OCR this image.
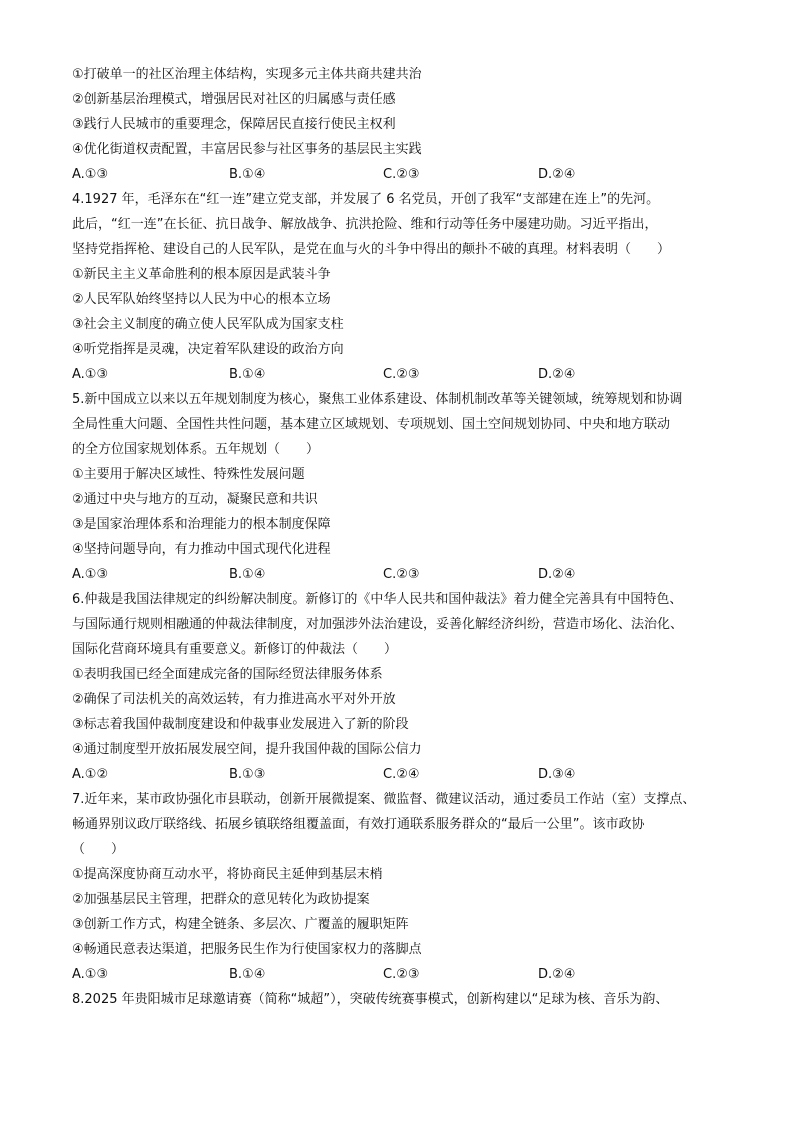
①打破单一的社区治理主体结构，实现多元主体共商共建共治
②创新基层治理模式，增强居民对社区的归属感与责任感
③践行人民城市的重要理念，保障居民直接行使民主权利
④优化街道权责配置，丰富居民参与社区事务的基层民主实践
A.①③	B.①④	C.②③	D.②④
4.1927 年，毛泽东在“红一连”建立党支部，并发展了 6 名党员，开创了我军“支部建在连上”的先河。
此后，“红一连”在长征、抗日战争、解放战争、抗洪抢险、维和行动等任务中屡建功勋。习近平指出，
坚持党指挥枪、建设自己的人民军队，是党在血与火的斗争中得出的颠扑不破的真理。材料表明（　　）
①新民主主义革命胜利的根本原因是武装斗争
②人民军队始终坚持以人民为中心的根本立场
③社会主义制度的确立使人民军队成为国家支柱
④听党指挥是灵魂，决定着军队建设的政治方向
A.①③	B.①④	C.②③	D.②④
5.新中国成立以来以五年规划制度为核心，聚焦工业体系建设、体制机制改革等关键领域，统筹规划和协调
全局性重大问题、全国性共性问题，基本建立区域规划、专项规划、国土空间规划协同、中央和地方联动
的全方位国家规划体系。五年规划（　　）
①主要用于解决区域性、特殊性发展问题
②通过中央与地方的互动，凝聚民意和共识
③是国家治理体系和治理能力的根本制度保障
④坚持问题导向，有力推动中国式现代化进程
A.①③	B.①④	C.②③	D.②④
6.仲裁是我国法律规定的纠纷解决制度。新修订的《中华人民共和国仲裁法》着力健全完善具有中国特色、
与国际通行规则相融通的仲裁法律制度，对加强涉外法治建设，妥善化解经济纠纷，营造市场化、法治化、
国际化营商环境具有重要意义。新修订的仲裁法（　　）
①表明我国已经全面建成完备的国际经贸法律服务体系
②确保了司法机关的高效运转，有力推进高水平对外开放
③标志着我国仲裁制度建设和仲裁事业发展进入了新的阶段
④通过制度型开放拓展发展空间，提升我国仲裁的国际公信力
A.①②	B.①③	C.②④	D.③④
7.近年来，某市政协强化市县联动，创新开展微提案、微监督、微建议活动，通过委员工作站（室）支撑点、
畅通界别议政厅联络线、拓展乡镇联络组覆盖面，有效打通联系服务群众的“最后一公里”。该市政协
（　　）
①提高深度协商互动水平，将协商民主延伸到基层末梢
②加强基层民主管理，把群众的意见转化为政协提案
③创新工作方式，构建全链条、多层次、广覆盖的履职矩阵
④畅通民意表达渠道，把服务民生作为行使国家权力的落脚点
A.①③	B.①④	C.②③	D.②④
8.2025 年贵阳城市足球邀请赛（简称“城超”），突破传统赛事模式，创新构建以“足球为核、音乐为韵、
